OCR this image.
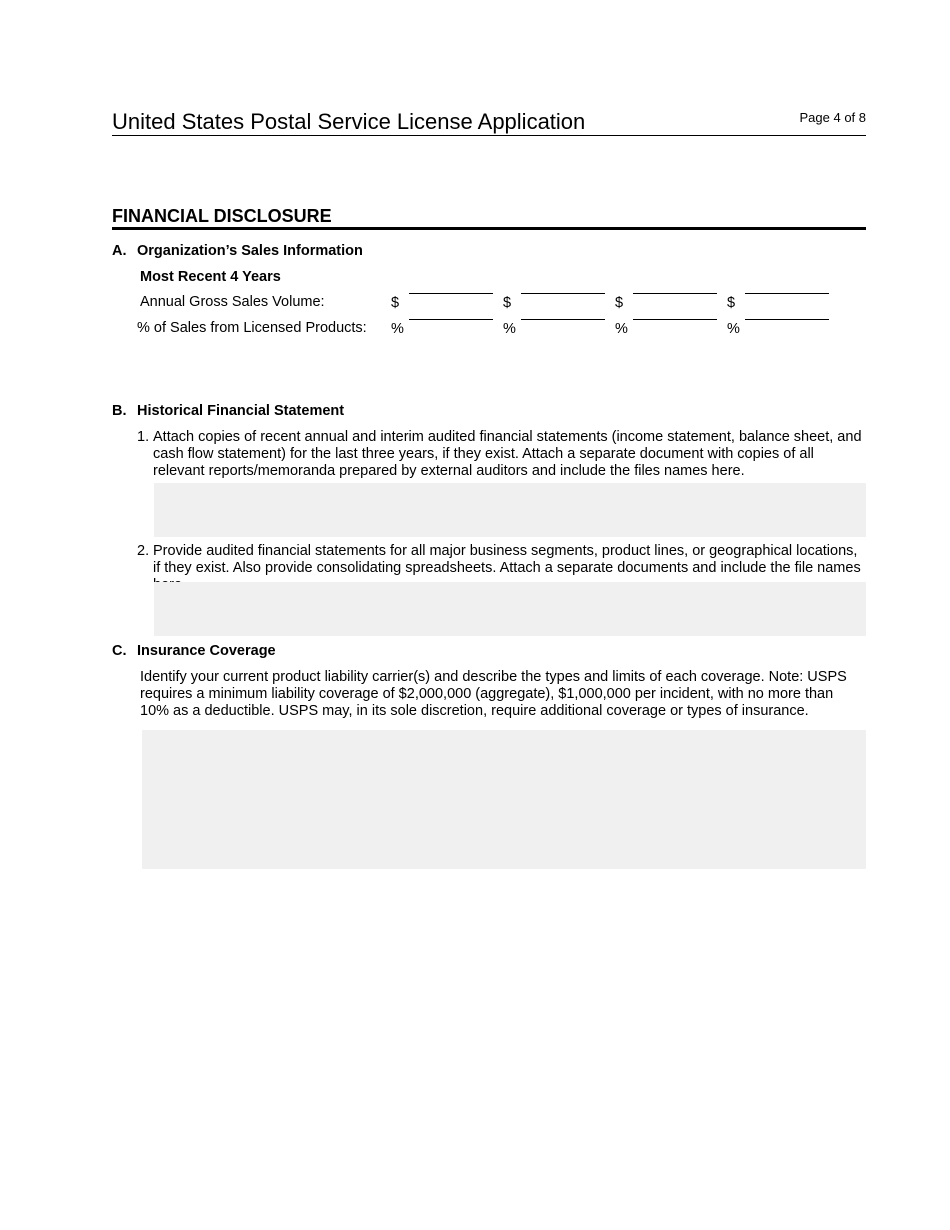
United States Postal Service License Application	Page 4 of 8
FINANCIAL DISCLOSURE
A. Organization’s Sales Information
Most Recent 4 Years
Annual Gross Sales Volume:	$	$	$	$
% of Sales from Licensed Products: %	%	%	%
B. Historical Financial Statement
1. Attach copies of recent annual and interim audited financial statements (income statement, balance sheet, and cash flow statement) for the last three years, if they exist. Attach a separate document with copies of all relevant reports/memoranda prepared by external auditors and include the files names here.
2. Provide audited financial statements for all major business segments, product lines, or geographical locations, if they exist. Also provide consolidating spreadsheets. Attach a separate documents and include the file names
C. Insurance Coverage
Identify your current product liability carrier(s) and describe the types and limits of each coverage. Note: USPS requires a minimum liability coverage of $2,000,000 (aggregate), $1,000,000 per incident, with no more than 10% as a deductible. USPS may, in its sole discretion, require additional coverage or types of insurance.
